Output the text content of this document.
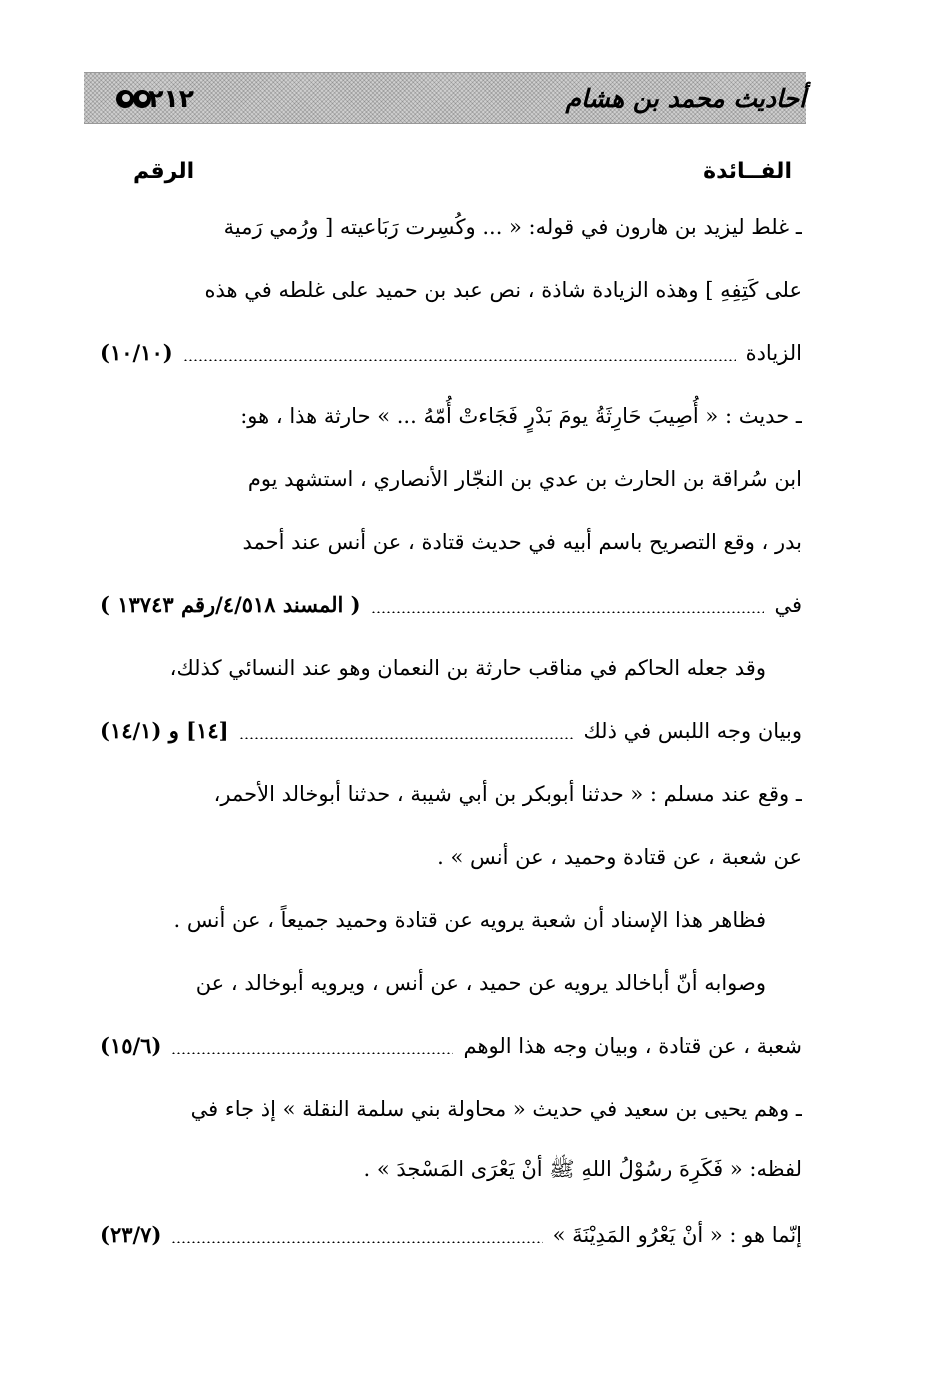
٢١٢	أحاديث محمد بن هشام
الفــائدة
الرقم
ـ غلط ليزيد بن هارون في قوله: « ... وكُسِرت رَبَاعيته [ ورُمي رَمية
على كَتِفِهِ ] وهذه الزيادة شاذة ، نص عبد بن حميد على غلطه في هذه
الزيادة
(١٠/١٠)
ـ حديث : « أُصِيبَ حَارِثَةُ يومَ بَدْرٍ فَجَاءتْ أُمّهُ ... » حارثة هذا ، هو:
ابن سُراقة بن الحارث بن عدي بن النجّار الأنصاري ، استشهد يوم
بدر ، وقع التصريح باسم أبيه في حديث قتادة ، عن أنس عند أحمد
في
( المسند ٤/٥١٨/رقم ١٣٧٤٣ )
وقد جعله الحاكم في مناقب حارثة بن النعمان وهو عند النسائي كذلك،
وبيان وجه اللبس في ذلك
[١٤] و (١٤/١)
ـ وقع عند مسلم : « حدثنا أبوبكر بن أبي شيبة ، حدثنا أبوخالد الأحمر،
عن شعبة ، عن قتادة وحميد ، عن أنس » .
فظاهر هذا الإسناد أن شعبة يرويه عن قتادة وحميد جميعاً ، عن أنس .
وصوابه أنّ أباخالد يرويه عن حميد ، عن أنس ، ويرويه أبوخالد ، عن
شعبة ، عن قتادة ، وبيان وجه هذا الوهم
(١٥/٦)
ـ وهم يحيى بن سعيد في حديث « محاولة بني سلمة النقلة » إذ جاء في
لفظه: « فَكَرِهَ رسُوْلُ اللهِ ﷺ أنْ يَعْرَى المَسْجدَ » .
إنّما هو : « أنْ يَعْرُو المَدِيْنَةَ »
(٢٣/٧)
